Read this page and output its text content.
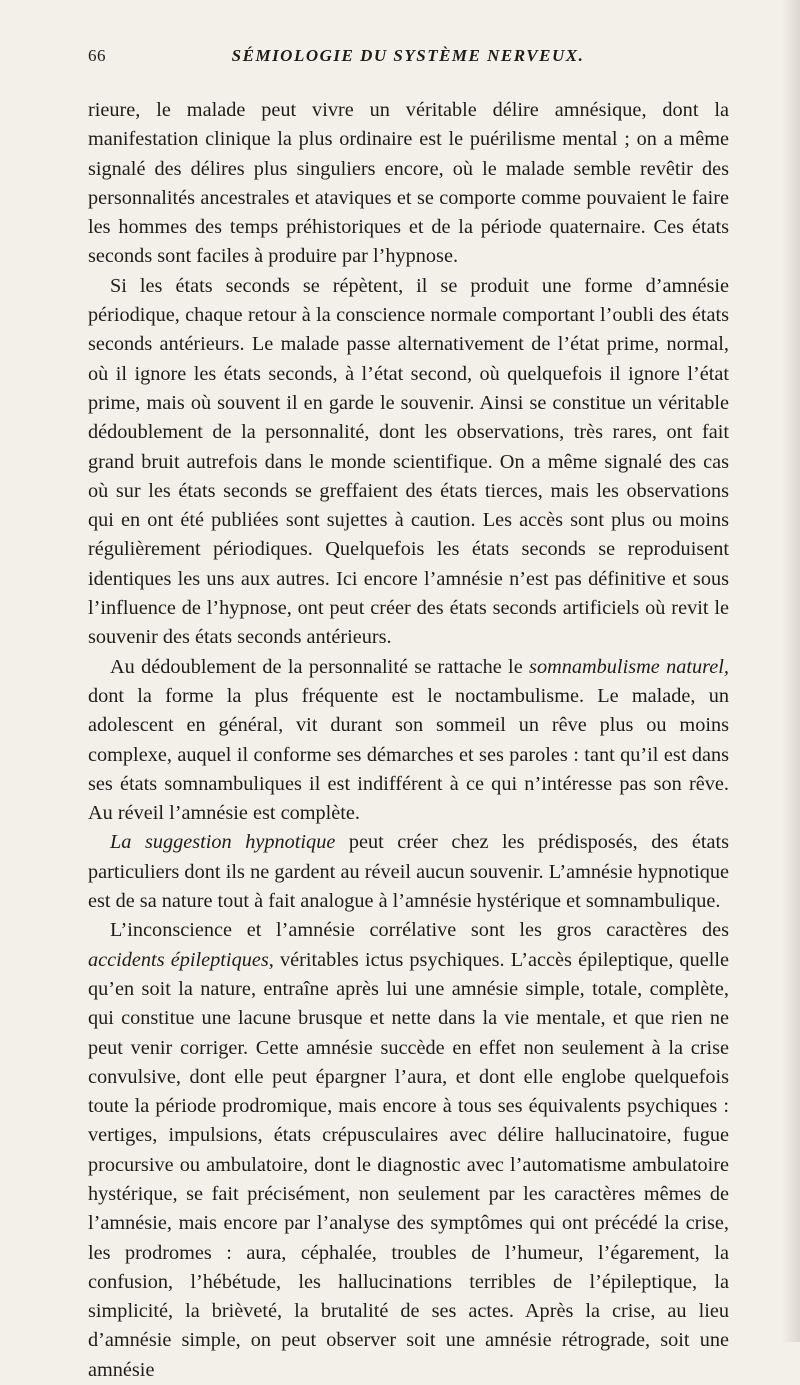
66	SÉMIOLOGIE DU SYSTÈME NERVEUX.

rieure, le malade peut vivre un véritable délire amnésique, dont la manifestation clinique la plus ordinaire est le puérilisme mental ; on a même signalé des délires plus singuliers encore, où le malade semble revêtir des personnalités ancestrales et ataviques et se comporte comme pouvaient le faire les hommes des temps préhistoriques et de la période quaternaire. Ces états seconds sont faciles à produire par l’hypnose.

Si les états seconds se répètent, il se produit une forme d’amnésie périodique, chaque retour à la conscience normale comportant l’oubli des états seconds antérieurs. Le malade passe alternativement de l’état prime, normal, où il ignore les états seconds, à l’état second, où quelquefois il ignore l’état prime, mais où souvent il en garde le souvenir. Ainsi se constitue un véritable dédoublement de la personnalité, dont les observations, très rares, ont fait grand bruit autrefois dans le monde scientifique. On a même signalé des cas où sur les états seconds se greffaient des états tierces, mais les observations qui en ont été publiées sont sujettes à caution. Les accès sont plus ou moins régulièrement périodiques. Quelquefois les états seconds se reproduisent identiques les uns aux autres. Ici encore l’amnésie n’est pas définitive et sous l’influence de l’hypnose, ont peut créer des états seconds artificiels où revit le souvenir des états seconds antérieurs.

Au dédoublement de la personnalité se rattache le somnambulisme naturel, dont la forme la plus fréquente est le noctambulisme. Le malade, un adolescent en général, vit durant son sommeil un rêve plus ou moins complexe, auquel il conforme ses démarches et ses paroles : tant qu’il est dans ses états somnambuliques il est indifférent à ce qui n’intéresse pas son rêve. Au réveil l’amnésie est complète.

La suggestion hypnotique peut créer chez les prédisposés, des états particuliers dont ils ne gardent au réveil aucun souvenir. L’amnésie hypnotique est de sa nature tout à fait analogue à l’amnésie hystérique et somnambulique.

L’inconscience et l’amnésie corrélative sont les gros caractères des accidents épileptiques, véritables ictus psychiques. L’accès épileptique, quelle qu’en soit la nature, entraîne après lui une amnésie simple, totale, complète, qui constitue une lacune brusque et nette dans la vie mentale, et que rien ne peut venir corriger. Cette amnésie succède en effet non seulement à la crise convulsive, dont elle peut épargner l’aura, et dont elle englobe quelquefois toute la période prodromique, mais encore à tous ses équivalents psychiques : vertiges, impulsions, états crépusculaires avec délire hallucinatoire, fugue procursive ou ambulatoire, dont le diagnostic avec l’automatisme ambulatoire hystérique, se fait précisément, non seulement par les caractères mêmes de l’amnésie, mais encore par l’analyse des symptômes qui ont précédé la crise, les prodromes : aura, céphalée, troubles de l’humeur, l’égarement, la confusion, l’hébétude, les hallucinations terribles de l’épileptique, la simplicité, la brièveté, la brutalité de ses actes. Après la crise, au lieu d’amnésie simple, on peut observer soit une amnésie rétrograde, soit une amnésie
